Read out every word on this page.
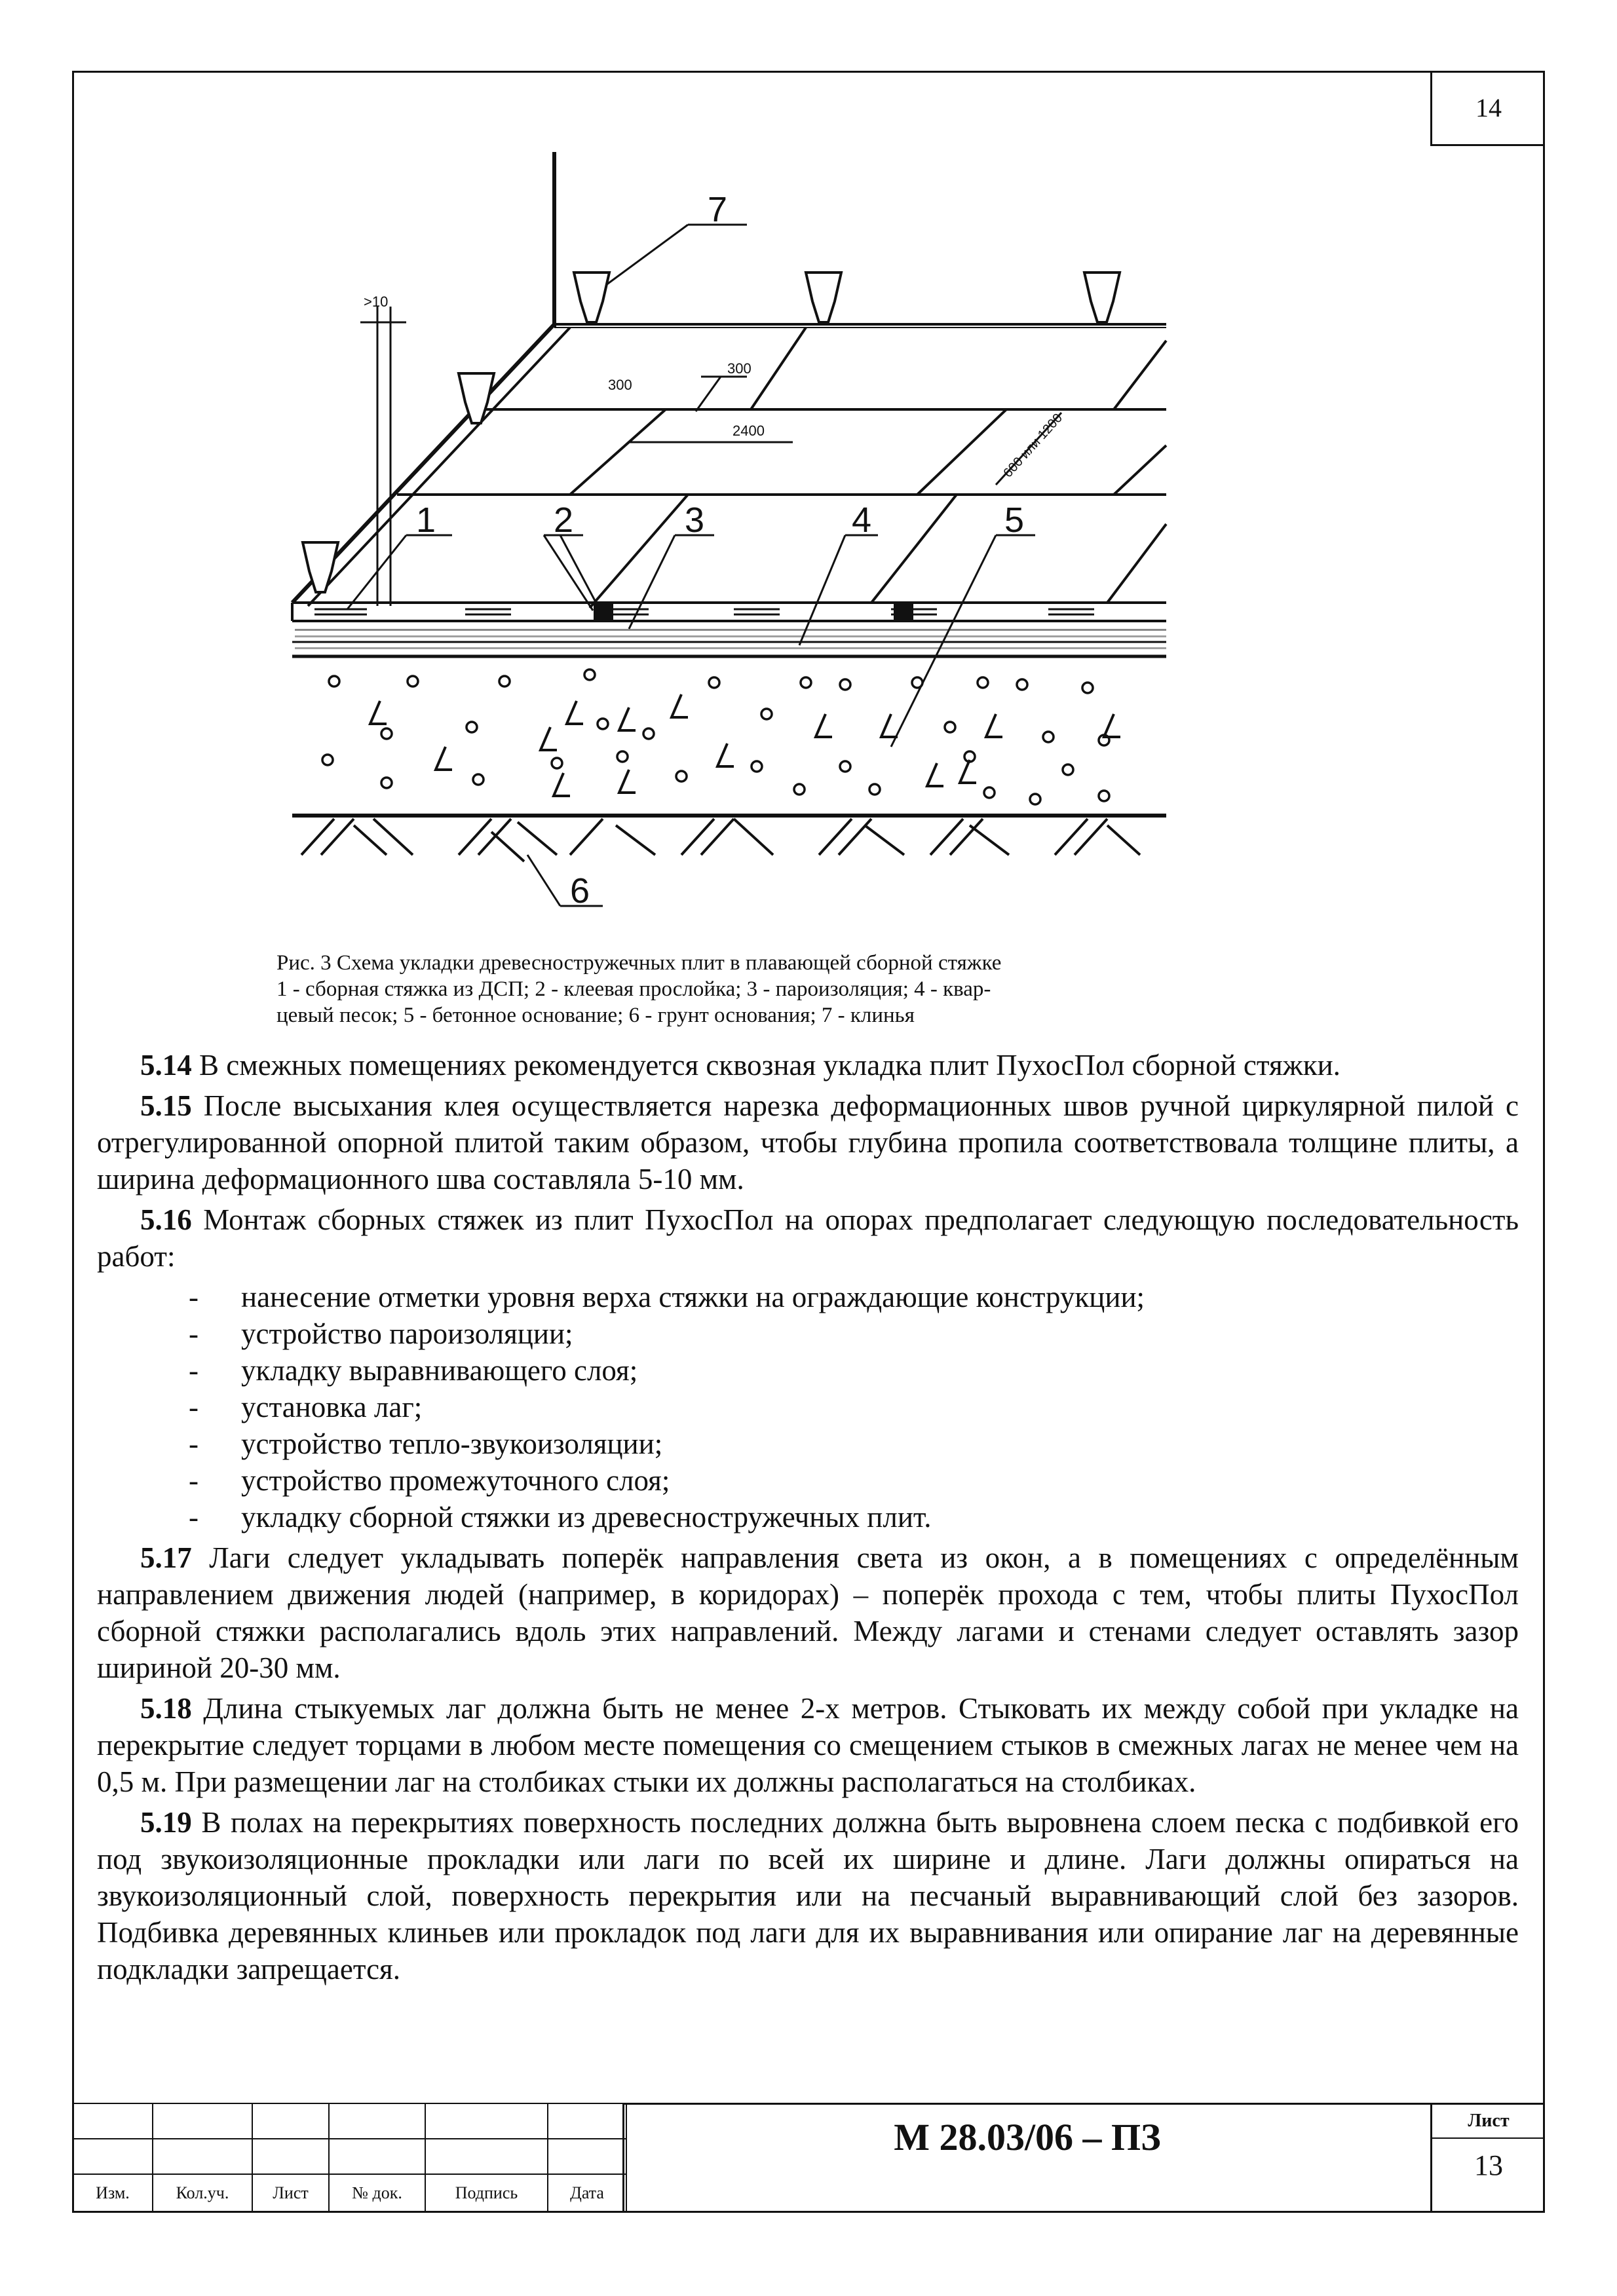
14
>10
300
300
2400	600 или 1200
7
1	2	3	4	5
6
Рис. 3 Схема укладки древесностружечных плит в плавающей сборной стяжке
1 - сборная стяжка из ДСП; 2 - клеевая прослойка; 3 - пароизоляция; 4 - квар-
цевый песок; 5 - бетонное основание; 6 - грунт основания; 7 - клинья

5.14 В смежных помещениях рекомендуется сквозная укладка плит ПухосПол сборной стяжки.

5.15 После высыхания клея осуществляется нарезка деформационных швов ручной циркулярной пилой с отрегулированной опорной плитой таким образом, чтобы глубина пропила соответствовала толщине плиты, а ширина деформационного шва составляла 5-10 мм.

5.16 Монтаж сборных стяжек из плит ПухосПол на опорах предполагает следующую последовательность работ:

- нанесение отметки уровня верха стяжки на ограждающие конструкции;
- устройство пароизоляции;
- укладку выравнивающего слоя;
- установка лаг;
- устройство тепло-звукоизоляции;
- устройство промежуточного слоя;
- укладку сборной стяжки из древесностружечных плит.

5.17 Лаги следует укладывать поперёк направления света из окон, а в помещениях с определённым направлением движения людей (например, в коридорах) – поперёк прохода с тем, чтобы плиты ПухосПол сборной стяжки располагались вдоль этих направлений. Между лагами и стенами следует оставлять зазор шириной 20-30 мм.

5.18 Длина стыкуемых лаг должна быть не менее 2-х метров. Стыковать их между собой при укладке на перекрытие следует торцами в любом месте помещения со смещением стыков в смежных лагах не менее чем на 0,5 м. При размещении лаг на столбиках стыки их должны располагаться на столбиках.

5.19 В полах на перекрытиях поверхность последних должна быть выровнена слоем песка с подбивкой его под звукоизоляционные прокладки или лаги по всей их ширине и длине. Лаги должны опираться на звукоизоляционный слой, поверхность перекрытия или на песчаный выравнивающий слой без зазоров. Подбивка деревянных клиньев или прокладок под лаги для их выравнивания или опирание лаг на деревянные подкладки запрещается.

Изм.	Кол.уч.	Лист	№ док.	Подпись	Дата
М 28.03/06 – ПЗ	Лист
13
